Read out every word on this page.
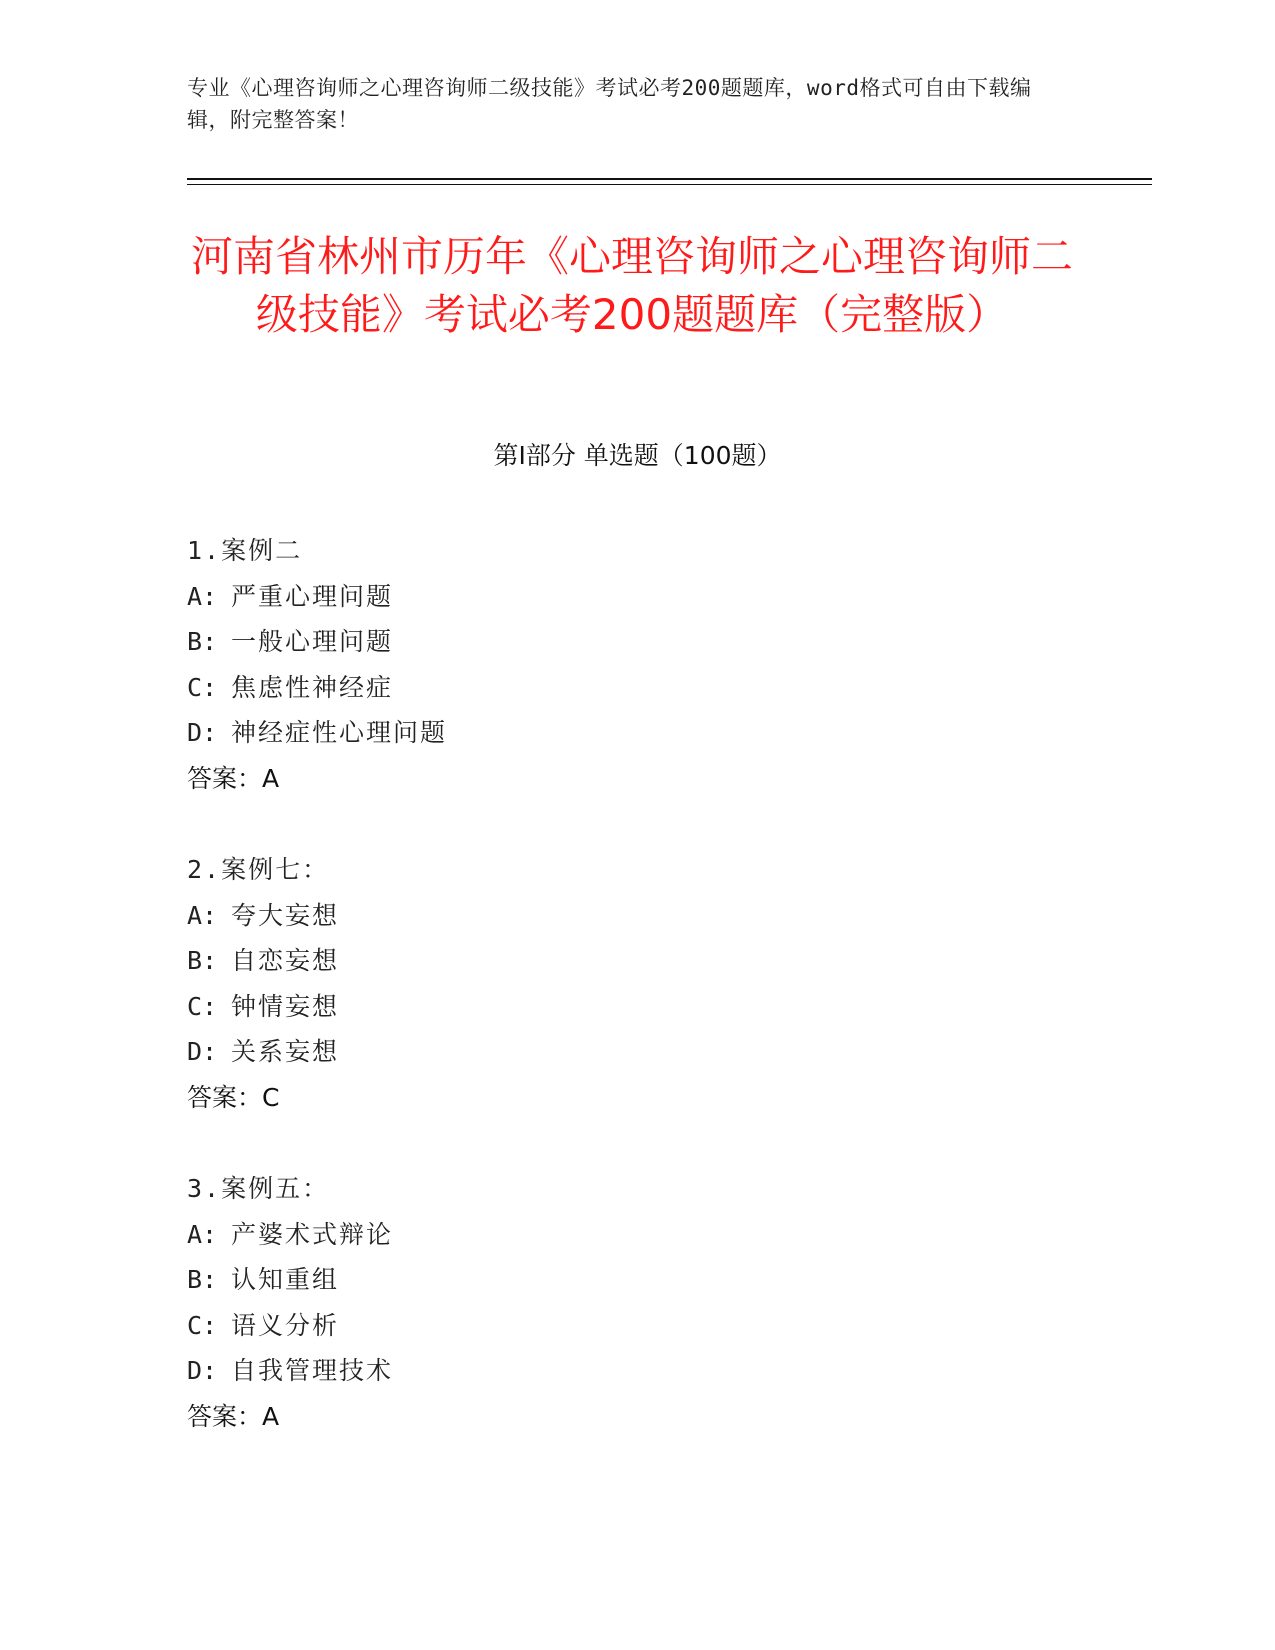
专业《心理咨询师之心理咨询师二级技能》考试必考200题题库，word格式可自由下载编辑，附完整答案！
河南省林州市历年《心理咨询师之心理咨询师二级技能》考试必考200题题库（完整版）
第I部分 单选题（100题）
1.案例二
A: 严重心理问题
B: 一般心理问题
C: 焦虑性神经症
D: 神经症性心理问题
答案：A
2.案例七：
A: 夸大妄想
B: 自恋妄想
C: 钟情妄想
D: 关系妄想
答案：C
3.案例五：
A: 产婆术式辩论
B: 认知重组
C: 语义分析
D: 自我管理技术
答案：A
